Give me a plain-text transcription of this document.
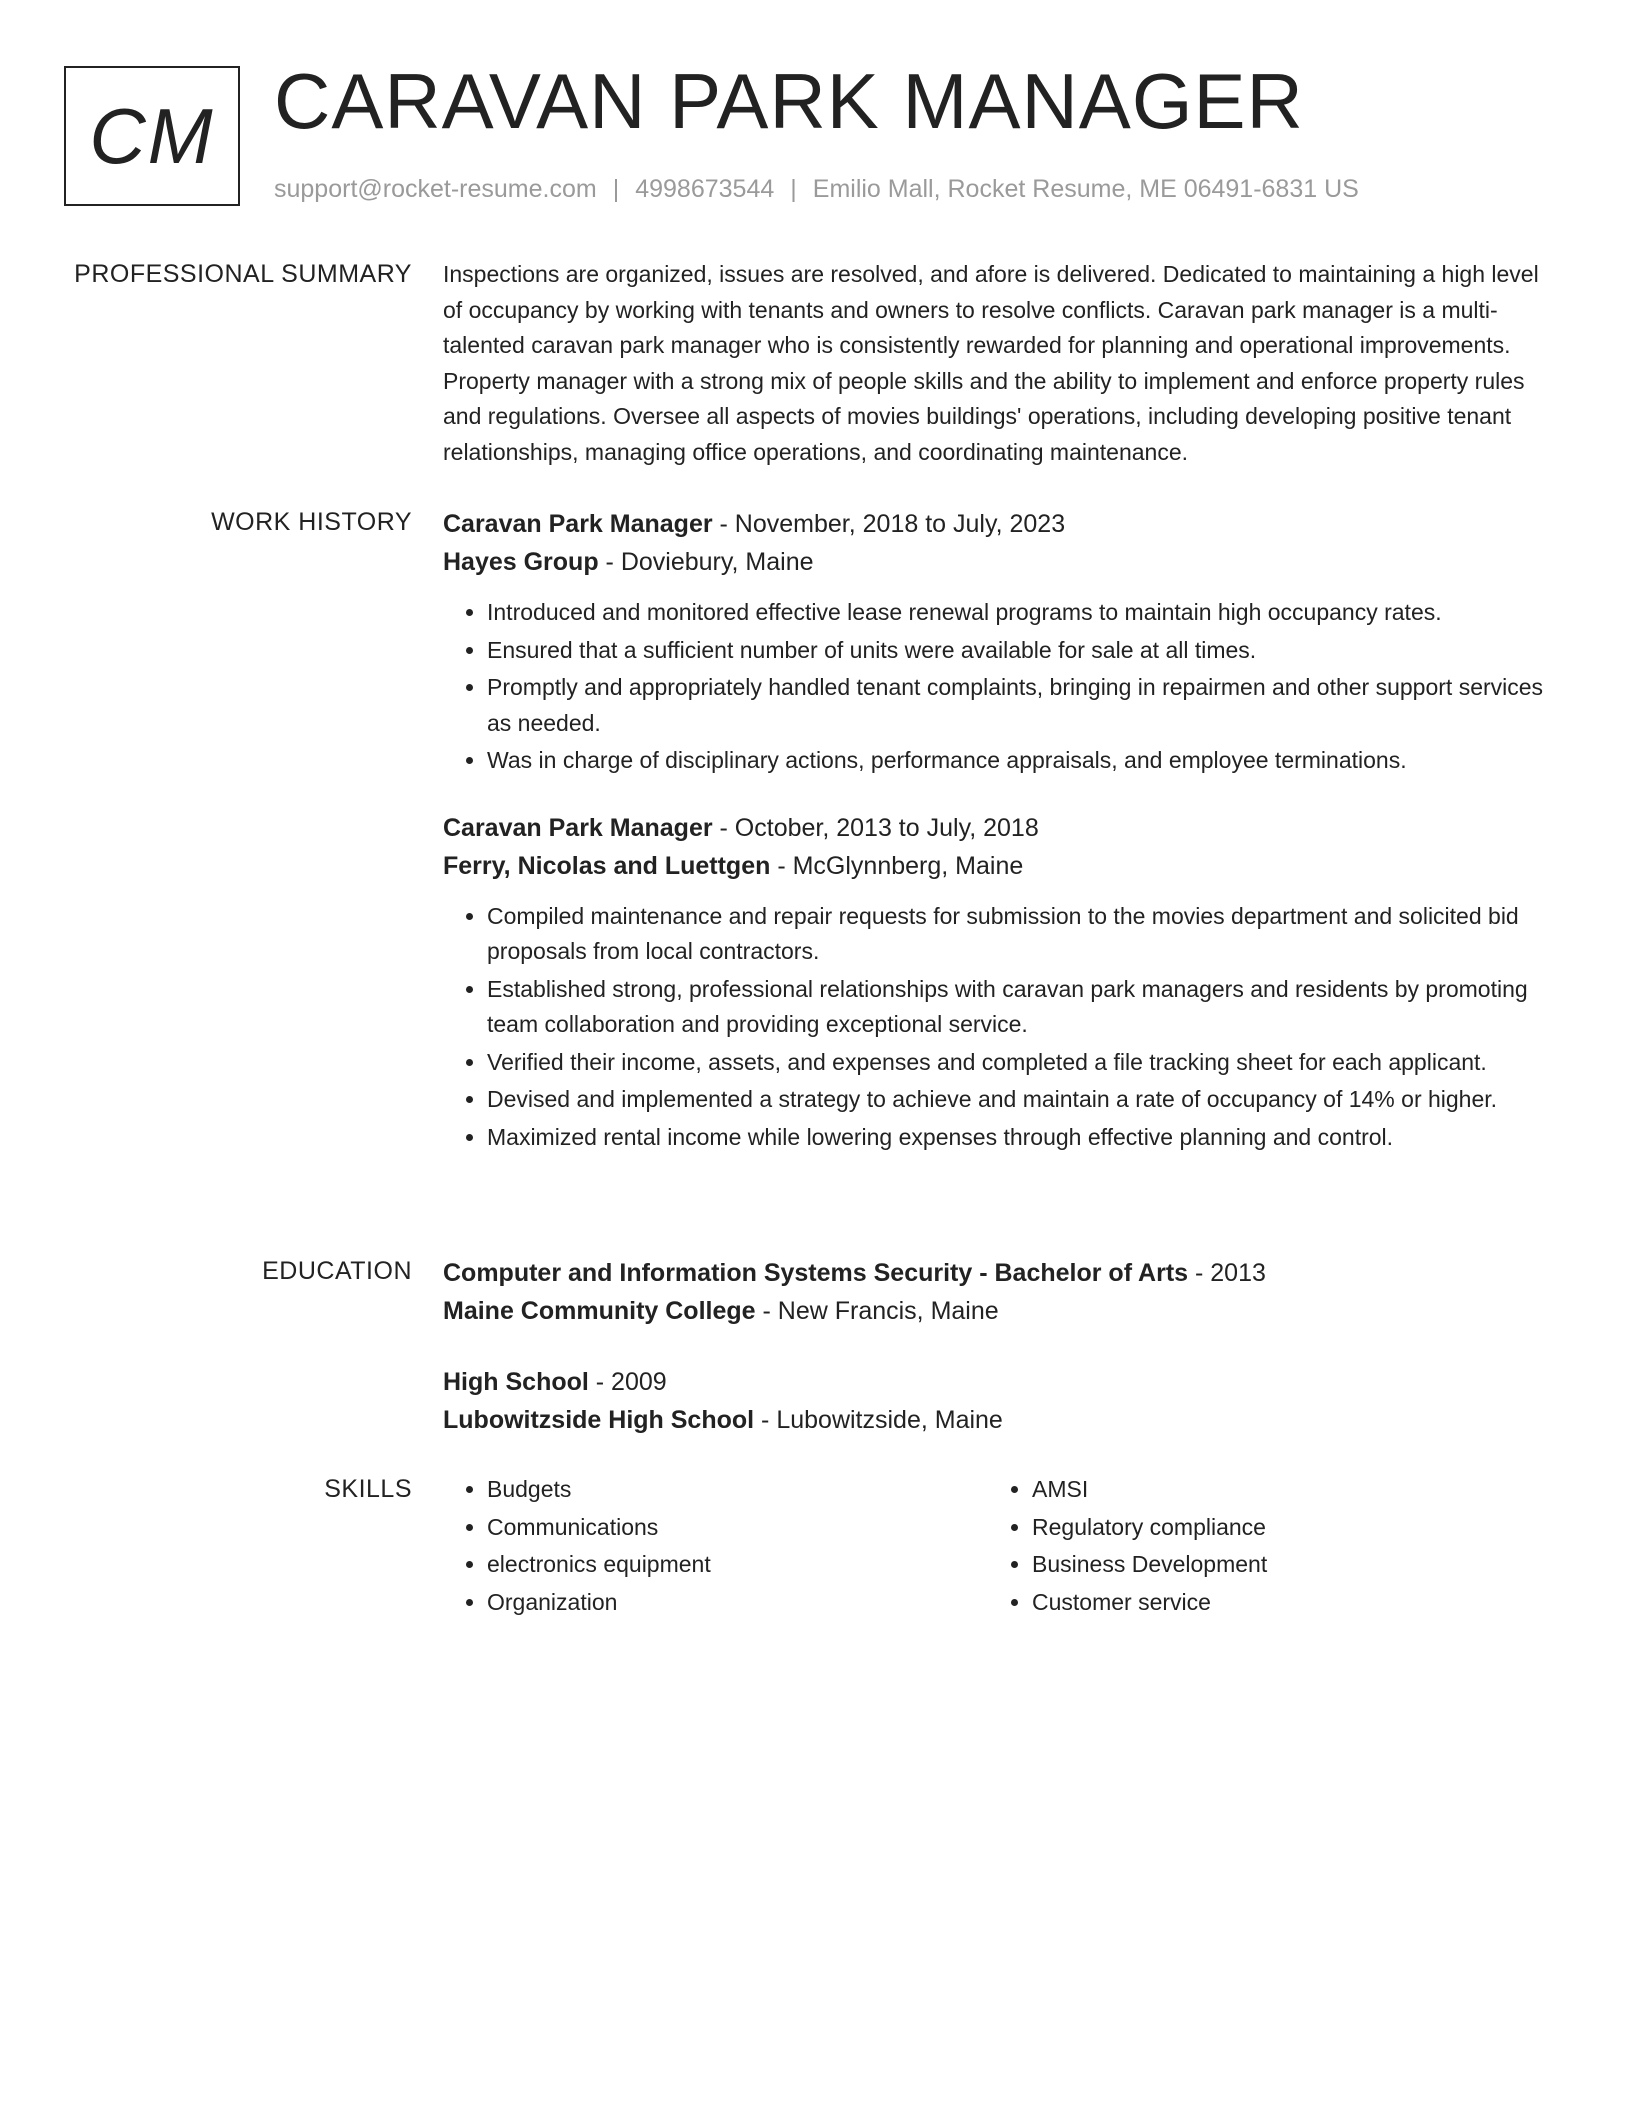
CM CARAVAN PARK MANAGER
support@rocket-resume.com | 4998673544 | Emilio Mall, Rocket Resume, ME 06491-6831 US
PROFESSIONAL SUMMARY Inspections are organized, issues are resolved, and afore is delivered. Dedicated to maintaining a high level of occupancy by working with tenants and owners to resolve conflicts. Caravan park manager is a multi-talented caravan park manager who is consistently rewarded for planning and operational improvements. Property manager with a strong mix of people skills and the ability to implement and enforce property rules and regulations. Oversee all aspects of movies buildings' operations, including developing positive tenant relationships, managing office operations, and coordinating maintenance.

WORK HISTORY Caravan Park Manager - November, 2018 to July, 2023
Hayes Group - Doviebury, Maine
• Introduced and monitored effective lease renewal programs to maintain high occupancy rates.
• Ensured that a sufficient number of units were available for sale at all times.
• Promptly and appropriately handled tenant complaints, bringing in repairmen and other support services as needed.
• Was in charge of disciplinary actions, performance appraisals, and employee terminations.
Caravan Park Manager - October, 2013 to July, 2018
Ferry, Nicolas and Luettgen - McGlynnberg, Maine
• Compiled maintenance and repair requests for submission to the movies department and solicited bid proposals from local contractors.
• Established strong, professional relationships with caravan park managers and residents by promoting team collaboration and providing exceptional service.
• Verified their income, assets, and expenses and completed a file tracking sheet for each applicant.
• Devised and implemented a strategy to achieve and maintain a rate of occupancy of 14% or higher.
• Maximized rental income while lowering expenses through effective planning and control.
EDUCATION Computer and Information Systems Security - Bachelor of Arts - 2013
Maine Community College - New Francis, Maine
High School - 2009
Lubowitzside High School - Lubowitzside, Maine
SKILLS
•	Budgets
• Communications
• electronics equipment
• Organization
• AMSI
• Regulatory compliance
• Business Development
• Customer service
